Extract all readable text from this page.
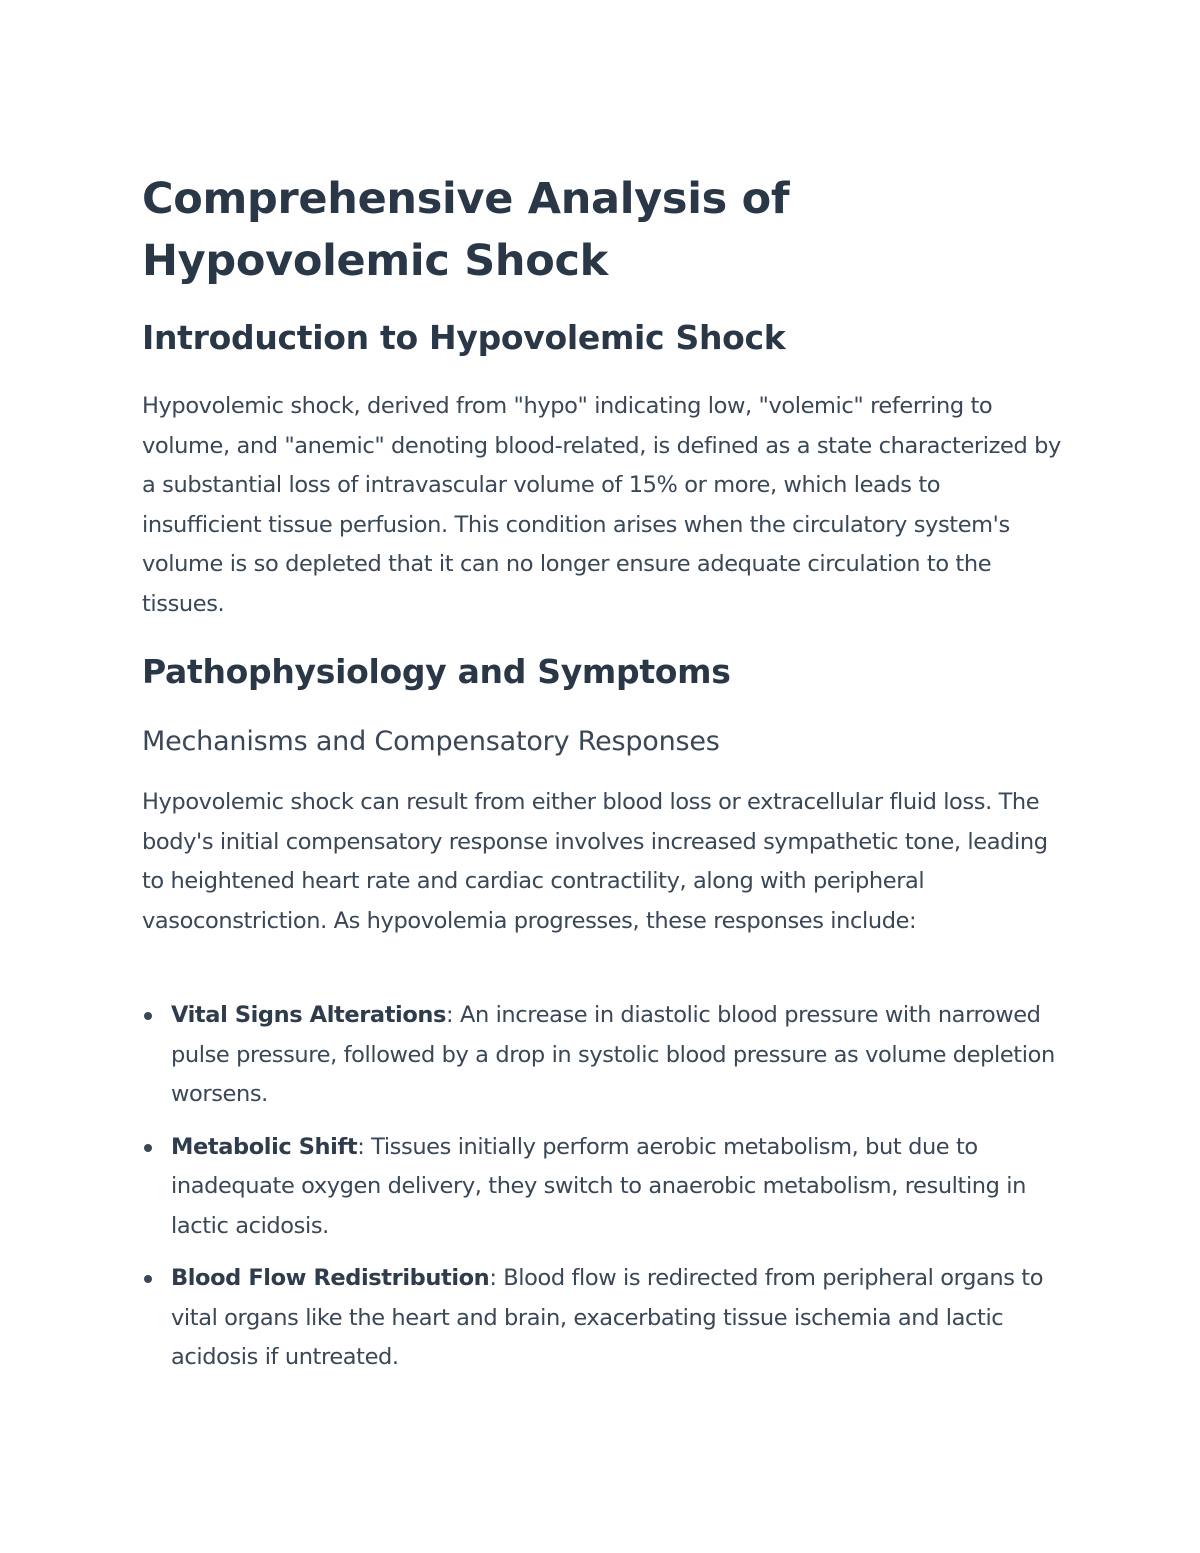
Comprehensive Analysis of Hypovolemic Shock
Introduction to Hypovolemic Shock

Hypovolemic shock, derived from "hypo" indicating low, "volemic" referring to volume, and "anemic" denoting blood-related, is defined as a state characterized by a substantial loss of intravascular volume of 15% or more, which leads to insufficient tissue perfusion. This condition arises when the circulatory system's volume is so depleted that it can no longer ensure adequate circulation to the tissues.

Pathophysiology and Symptoms
Mechanisms and Compensatory Responses

Hypovolemic shock can result from either blood loss or extracellular fluid loss. The body's initial compensatory response involves increased sympathetic tone, leading to heightened heart rate and cardiac contractility, along with peripheral vasoconstriction. As hypovolemia progresses, these responses include:

Vital Signs Alterations: An increase in diastolic blood pressure with narrowed pulse pressure, followed by a drop in systolic blood pressure as volume depletion worsens.
Metabolic Shift: Tissues initially perform aerobic metabolism, but due to inadequate oxygen delivery, they switch to anaerobic metabolism, resulting in lactic acidosis.
Blood Flow Redistribution: Blood flow is redirected from peripheral organs to vital organs like the heart and brain, exacerbating tissue ischemia and lactic acidosis if untreated.
